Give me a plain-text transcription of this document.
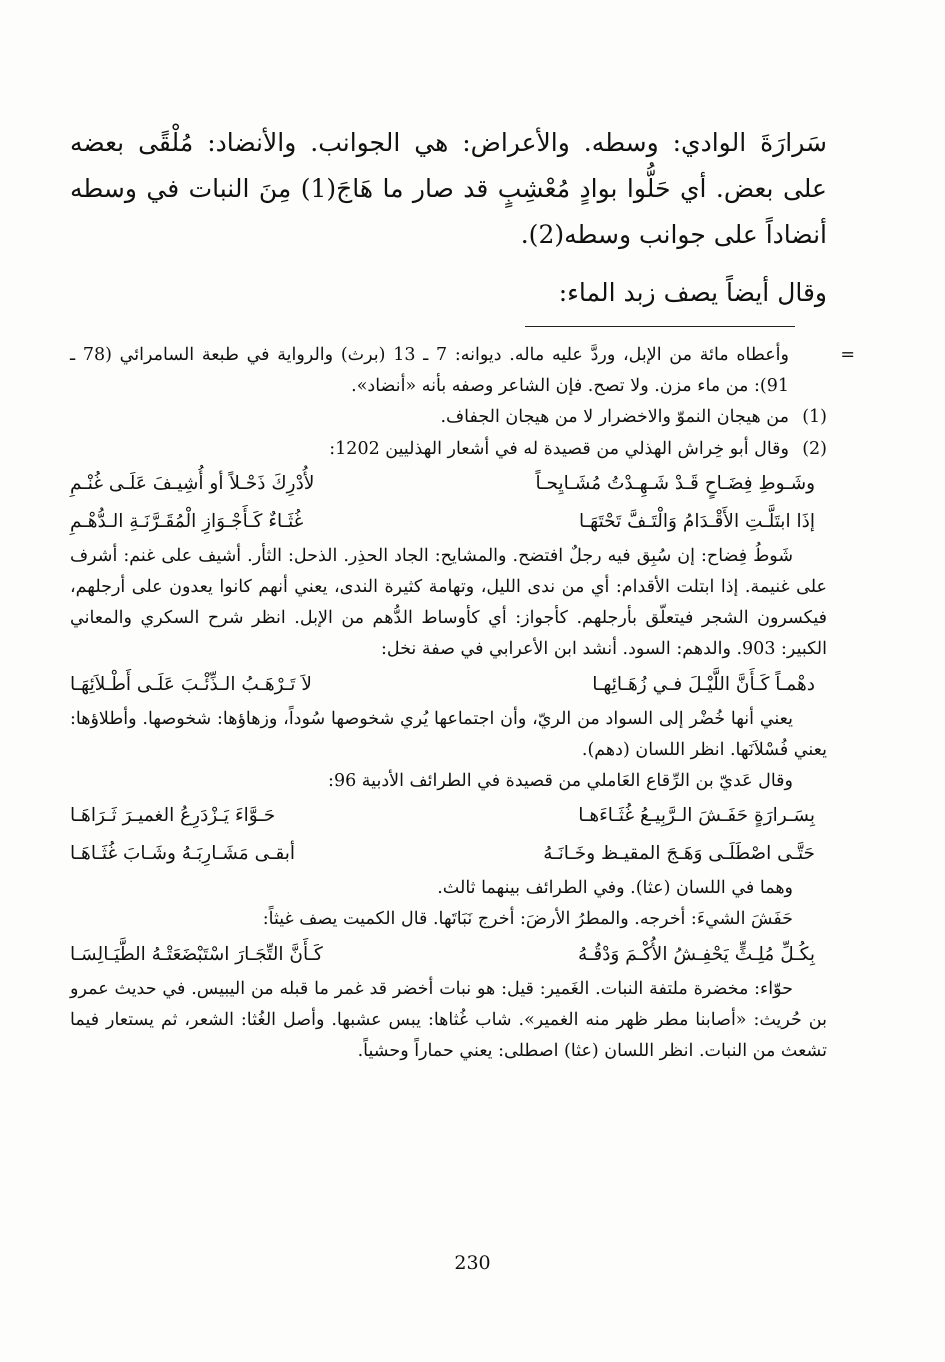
سَرارَةَ الوادي: وسطه. والأعراض: هي الجوانب. والأنضاد: مُلْقًى بعضه على بعض. أي حَلُّوا بوادٍ مُعْشِبٍ قد صار ما هَاجَ(1) مِنَ النبات في وسطه أنضاداً على جوانب وسطه(2).

وقال أيضاً يصف زبد الماء:

=
وأعطاه مائة من الإبل، وردَّ عليه ماله. ديوانه: 7 ـ 13 (برث) والرواية في طبعة السامرائي (78 ـ 91): من ماء مزن. ولا تصح. فإن الشاعر وصفه بأنه «أنضاد».

(1)
من هيجان النموّ والاخضرار لا من هيجان الجفاف.

(2)
وقال أبو خِراش الهذلي من قصيدة له في أشعار الهذليين 1202:

وشَـوطِ فِضَـاحٍ قَـدْ شَـهِـدْتُ مُشَـايِحـاً
لأُدْرِكَ ذَحْـلاً أو أُشِيـفَ عَلَـى غُنْـمِ
إذَا ابتَلَّـتِ الأَقْـدَامُ وَالْتَـفَّ تَحْتَهَـا
غُثَـاءٌ كَـأَجْـوَازِ الْمُقَـرَّنَـةِ الـدُّهْـمِ

شَوطُ فِضاح: إن سُبِق فيه رجلٌ افتضح. والمشايح: الجاد الحذِر. الذحل: الثأر. أشيف على غنم: أشرف على غنيمة. إذا ابتلت الأقدام: أي من ندى الليل، وتهامة كثيرة الندى، يعني أنهم كانوا يعدون على أرجلهم، فيكسرون الشجر فيتعلّق بأرجلهم. كأجواز: أي كأوساط الدُّهم من الإبل. انظر شرح السكري والمعاني الكبير: 903. والدهم: السود. أنشد ابن الأعرابي في صفة نخل:

دهْمـاً كَـأَنَّ اللَّيْـلَ فـي زُهَـائِهـا
لاَ تَـرْهَـبُ الـذِّئْـبَ عَلَـى أَطْـلاَئِهَـا

يعني أنها خُضْر إلى السواد من الريّ، وأن اجتماعها يُري شخوصها سُوداً، وزهاؤها: شخوصها. وأطلاؤها: يعني فُسْلاَنَها. انظر اللسان (دهم).

وقال عَديّ بن الرِّقاع العَاملي من قصيدة في الطرائف الأدبية 96:

بِسَـرارَةٍ حَفَـشَ الـرَّبِيـعُ غُثَـاءَهـا
حَـوَّاءَ يَـزْدَرِعُ الغميـرَ ثَـرَاهَـا
حَتَّـى اصْطَلَـى وَهَـجَ المقيـظ وخَـانَـهُ
أبقـى مَشَـارِبَـهُ وشَـابَ غُثَـاهَـا

وهما في اللسان (عثا). وفي الطرائف بينهما ثالث.

حَفَشَ الشيءَ: أخرجه. والمطرُ الأرضَ: أخرج نَبَاتَها. قال الكميت يصف غيثاً:

بِكُـلِّ مُلِـثٍّ يَحْفِـشُ الأُكْـمَ وَدْقُـهُ
كَـأَنَّ التِّجَـارَ اسْتَبْضَعَتْـهُ الطَّيَـالِسَـا

حوّاء: مخضرة ملتفة النبات. الغَمير: قيل: هو نبات أخضر قد غمر ما قبله من اليبيس. في حديث عمرو بن حُريث: «أصابنا مطر ظهر منه الغمير». شاب غُثاها: يبس عشبها. وأصل الغُثا: الشعر، ثم يستعار فيما تشعث من النبات. انظر اللسان (عثا) اصطلى: يعني حماراً وحشياً.

230
